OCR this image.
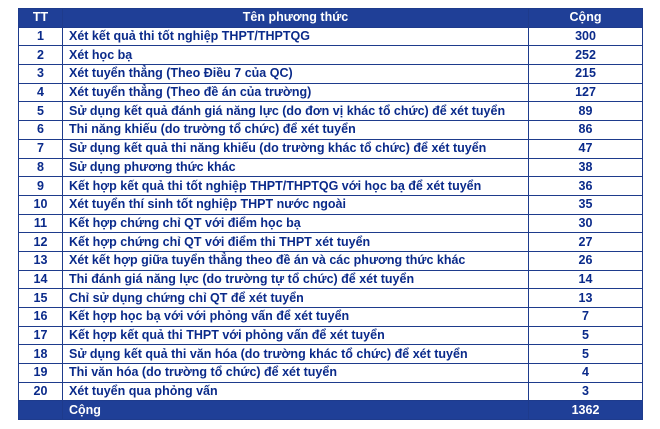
TT	Tên phương thức	Cộng
1	Xét kết quả thi tốt nghiệp THPT/THPTQG	300
2	Xét học bạ	252
3	Xét tuyển thẳng (Theo Điều 7 của QC)	215
4	Xét tuyển thẳng (Theo đề án của trường)	127
5	Sử dụng kết quả đánh giá năng lực (do đơn vị khác tổ chức) để xét tuyển	89
6	Thi năng khiếu (do trường tổ chức) để xét tuyển	86
7	Sử dụng kết quả thi năng khiếu (do trường khác tổ chức) để xét tuyển	47
8	Sử dụng phương thức khác	38
9	Kết hợp kết quả thi tốt nghiệp THPT/THPTQG với học bạ để xét tuyển	36
10	Xét tuyển thí sinh tốt nghiệp THPT nước ngoài	35
11	Kết hợp chứng chỉ QT với điểm học bạ	30
12	Kết hợp chứng chỉ QT với điểm thi THPT xét tuyển	27
13	Xét kết hợp giữa tuyển thẳng theo đề án và các phương thức khác	26
14	Thi đánh giá năng lực (do trường tự tổ chức) để xét tuyển	14
15	Chỉ sử dụng chứng chỉ QT để xét tuyển	13
16	Kết hợp học bạ với với phỏng vấn để xét tuyển	7
17	Kết hợp kết quả thi THPT với phỏng vấn để xét tuyển	5
18	Sử dụng kết quả thi văn hóa (do trường khác tổ chức) để xét tuyển	5
19	Thi văn hóa (do trường tổ chức) để xét tuyển	4
20	Xét tuyển qua phỏng vấn	3
	Cộng	1362
